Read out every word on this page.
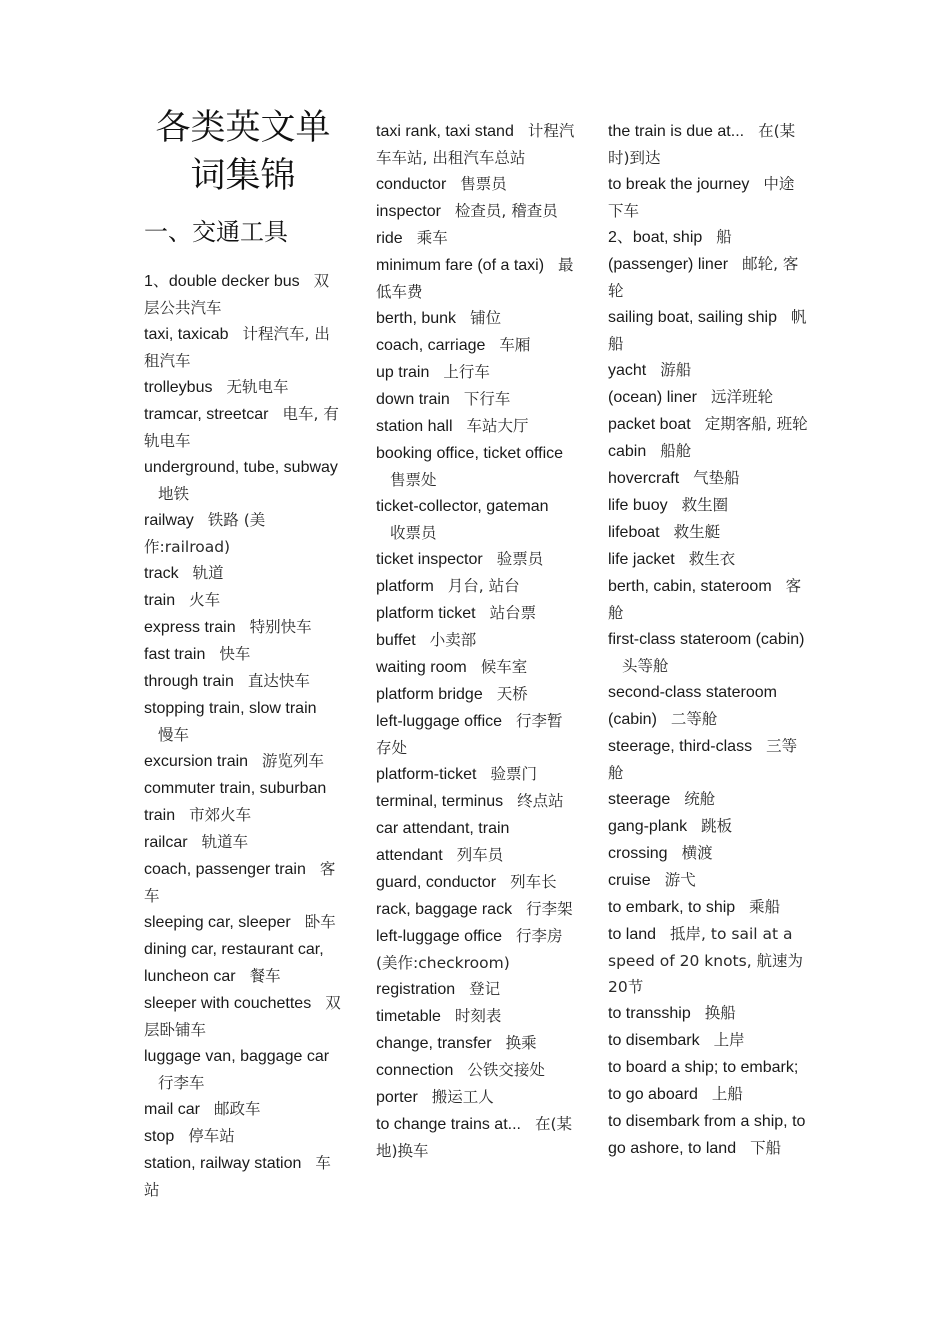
各类英文单词集锦
一、交通工具
1、double decker bus 双层公共汽车
taxi, taxicab 计程汽车, 出租汽车
trolleybus 无轨电车
tramcar, streetcar 电车, 有轨电车
underground, tube, subway地铁
railway 铁路 (美作:railroad)
track 轨道
train 火车
express train 特别快车
fast train 快车
through train 直达快车
stopping train, slow train慢车
excursion train 游览列车
commuter train, suburban train 市郊火车
railcar 轨道车
coach, passenger train 客车
sleeping car, sleeper 卧车
dining car, restaurant car, luncheon car 餐车
sleeper with couchettes 双层卧铺车
luggage van, baggage car行李车
mail car 邮政车
stop 停车站
station, railway station 车站
taxi rank, taxi stand 计程汽车车站, 出租汽车总站
conductor 售票员
inspector 检查员, 稽查员
ride 乘车
minimum fare (of a taxi) 最低车费
berth, bunk 铺位
coach, carriage 车厢
up train 上行车
down train 下行车
station hall 车站大厅
booking office, ticket office售票处
ticket-collector, gateman收票员
ticket inspector 验票员
platform 月台, 站台
platform ticket 站台票
buffet 小卖部
waiting room 候车室
platform bridge 天桥
left-luggage office 行李暂存处
platform-ticket 验票门
terminal, terminus 终点站
car attendant, train attendant 列车员
guard, conductor 列车长
rack, baggage rack 行李架
left-luggage office 行李房 (美作:checkroom)
registration 登记
timetable 时刻表
change, transfer 换乘
connection 公铁交接处
porter 搬运工人
to change trains at... 在(某地)换车
the train is due at... 在(某时)到达
to break the journey 中途下车
2、boat, ship 船
(passenger) liner 邮轮, 客轮
sailing boat, sailing ship 帆船
yacht 游船
(ocean) liner 远洋班轮
packet boat 定期客船, 班轮
cabin 船舱
hovercraft 气垫船
life buoy 救生圈
lifeboat 救生艇
life jacket 救生衣
berth, cabin, stateroom 客舱
first-class stateroom (cabin)头等舱
second-class stateroom (cabin) 二等舱
steerage, third-class 三等舱
steerage 统舱
gang-plank 跳板
crossing 横渡
cruise 游弋
to embark, to ship 乘船
to land 抵岸, to sail at a speed of 20 knots, 航速为20节
to transship 换船
to disembark 上岸
to board a ship; to embark; to go aboard 上船
to disembark from a ship, to go ashore, to land 下船
